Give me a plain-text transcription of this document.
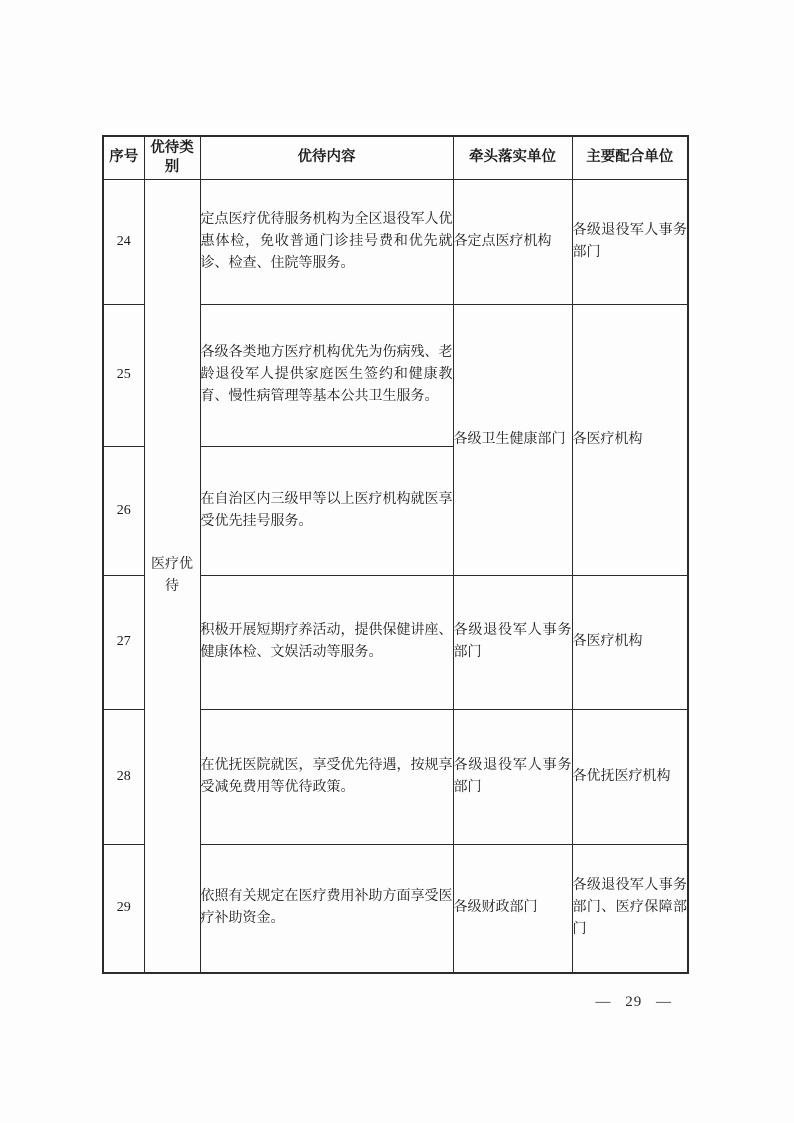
序号	优待类别	优待内容	牵头落实单位	主要配合单位
24	医疗优待	定点医疗优待服务机构为全区退役军人优惠体检，免收普通门诊挂号费和优先就诊、检查、住院等服务。	各定点医疗机构	各级退役军人事务部门
25		各级各类地方医疗机构优先为伤病残、老龄退役军人提供家庭医生签约和健康教育、慢性病管理等基本公共卫生服务。	各级卫生健康部门	各医疗机构
26		在自治区内三级甲等以上医疗机构就医享受优先挂号服务。		
27		积极开展短期疗养活动，提供保健讲座、健康体检、文娱活动等服务。	各级退役军人事务部门	各医疗机构
28		在优抚医院就医，享受优先待遇，按规享受减免费用等优待政策。	各级退役军人事务部门	各优抚医疗机构
29		依照有关规定在医疗费用补助方面享受医疗补助资金。	各级财政部门	各级退役军人事务部门、医疗保障部门
— 29 —
